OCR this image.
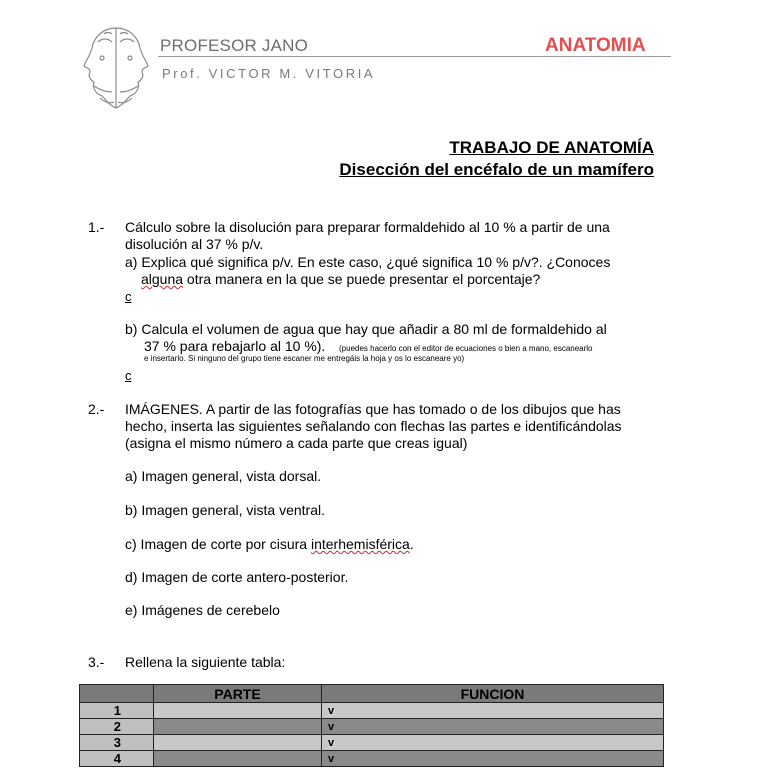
PROFESOR JANO	ANATOMIA
Prof. VICTOR M. VITORIA
TRABAJO DE ANATOMÍA
Disección del encéfalo de un mamífero
1.- Cálculo sobre la disolución para preparar formaldehido al 10 % a partir de una
disolución al 37 % p/v.
a) Explica qué significa p/v. En este caso, ¿qué significa 10 % p/v?. ¿Conoces
alguna otra manera en la que se puede presentar el porcentaje?
c
b) Calcula el volumen de agua que hay que añadir a 80 ml de formaldehido al
37 % para rebajarlo al 10 %). (puedes hacerlo con el editor de ecuaciones o bien a mano, escanearlo
e insertarlo. Si ninguno del grupo tiene escaner me entregáis la hoja y os lo escaneare yo)
c
2.- IMÁGENES. A partir de las fotografías que has tomado o de los dibujos que has
hecho, inserta las siguientes señalando con flechas las partes e identificándolas
(asigna el mismo número a cada parte que creas igual)
a) Imagen general, vista dorsal.
b) Imagen general, vista ventral.
c) Imagen de corte por cisura interhemisférica.
d) Imagen de corte antero-posterior.
e) Imágenes de cerebelo
3.- Rellena la siguiente tabla:
	PARTE	FUNCION
1		v
2		v
3		v
4		v
